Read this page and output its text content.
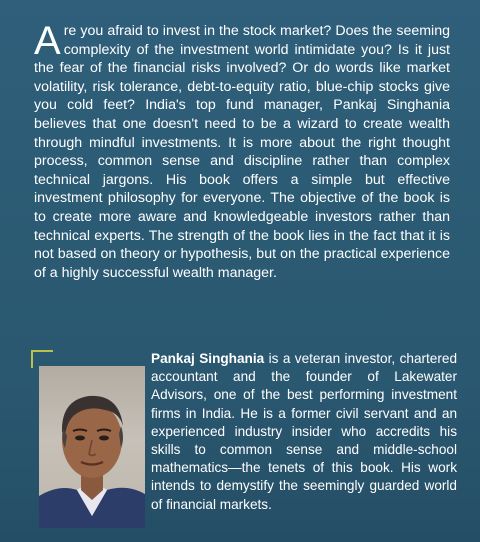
Are you afraid to invest in the stock market? Does the seeming complexity of the investment world intimidate you? Is it just the fear of the financial risks involved? Or do words like market volatility, risk tolerance, debt-to-equity ratio, blue-chip stocks give you cold feet? India's top fund manager, Pankaj Singhania believes that one doesn't need to be a wizard to create wealth through mindful investments. It is more about the right thought process, common sense and discipline rather than complex technical jargons. His book offers a simple but effective investment philosophy for everyone. The objective of the book is to create more aware and knowledgeable investors rather than technical experts. The strength of the book lies in the fact that it is not based on theory or hypothesis, but on the practical experience of a highly successful wealth manager.

Pankaj Singhania is a veteran investor, chartered accountant and the founder of Lakewater Advisors, one of the best performing investment firms in India. He is a former civil servant and an experienced industry insider who accredits his skills to common sense and middle-school mathematics—the tenets of this book. His work intends to demystify the seemingly guarded world of financial markets.
